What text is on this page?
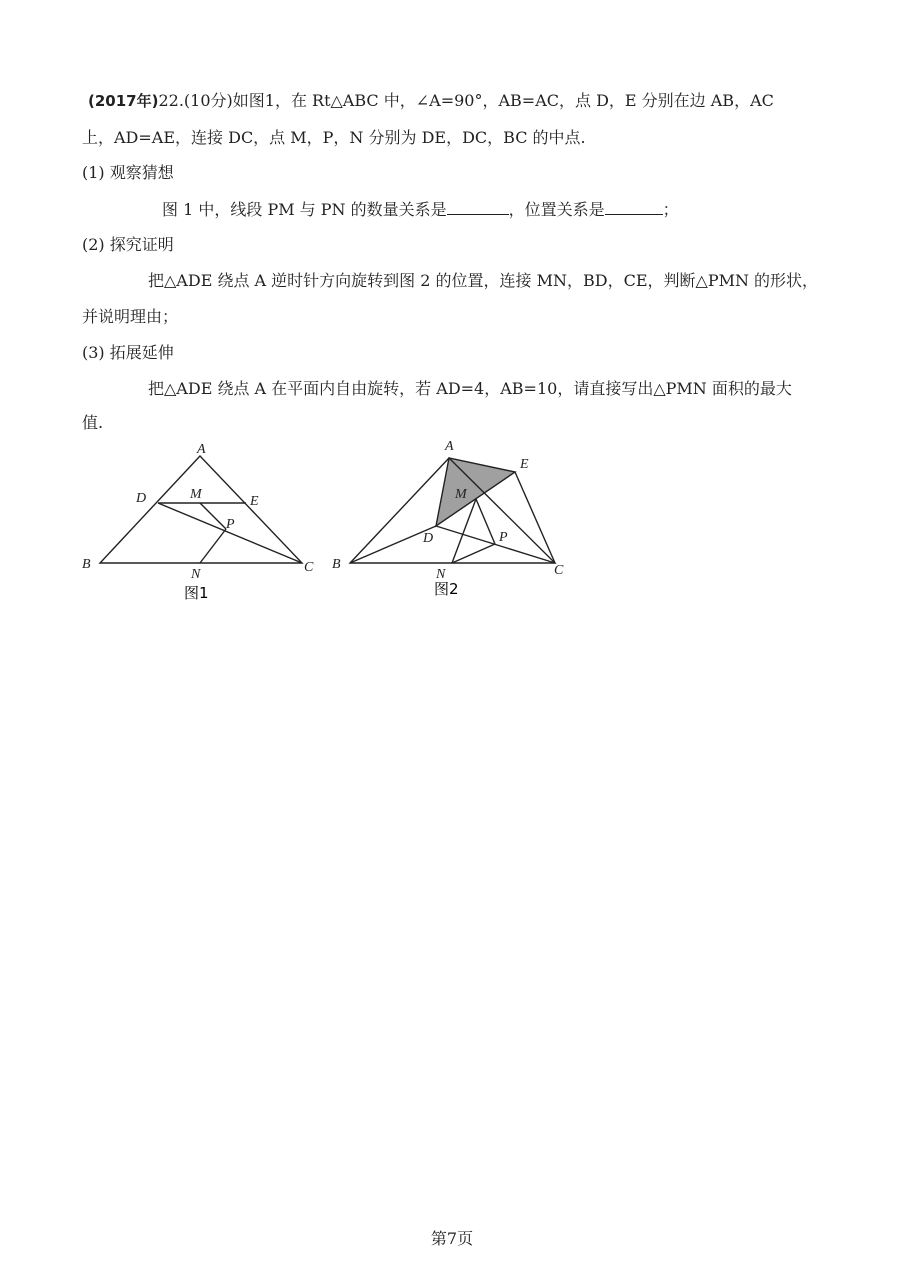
(2017年)22.(10分)如图1，在 Rt△ABC 中，∠A=90°，AB=AC，点 D，E 分别在边 AB，AC
上，AD=AE，连接 DC，点 M，P，N 分别为 DE，DC，BC 的中点.
(1) 观察猜想
图 1 中，线段 PM 与 PN 的数量关系是	，位置关系是	；
(2) 探究证明
把△ADE 绕点 A 逆时针方向旋转到图 2 的位置，连接 MN，BD，CE，判断△PMN 的形状，
并说明理由；
(3) 拓展延伸
把△ADE 绕点 A 在平面内自由旋转，若 AD=4，AB=10，请直接写出△PMN 面积的最大
值.
A
B	C
D	E
M
P
N
图1
A
B	C
D
E
M
P
N
图2
第7页
